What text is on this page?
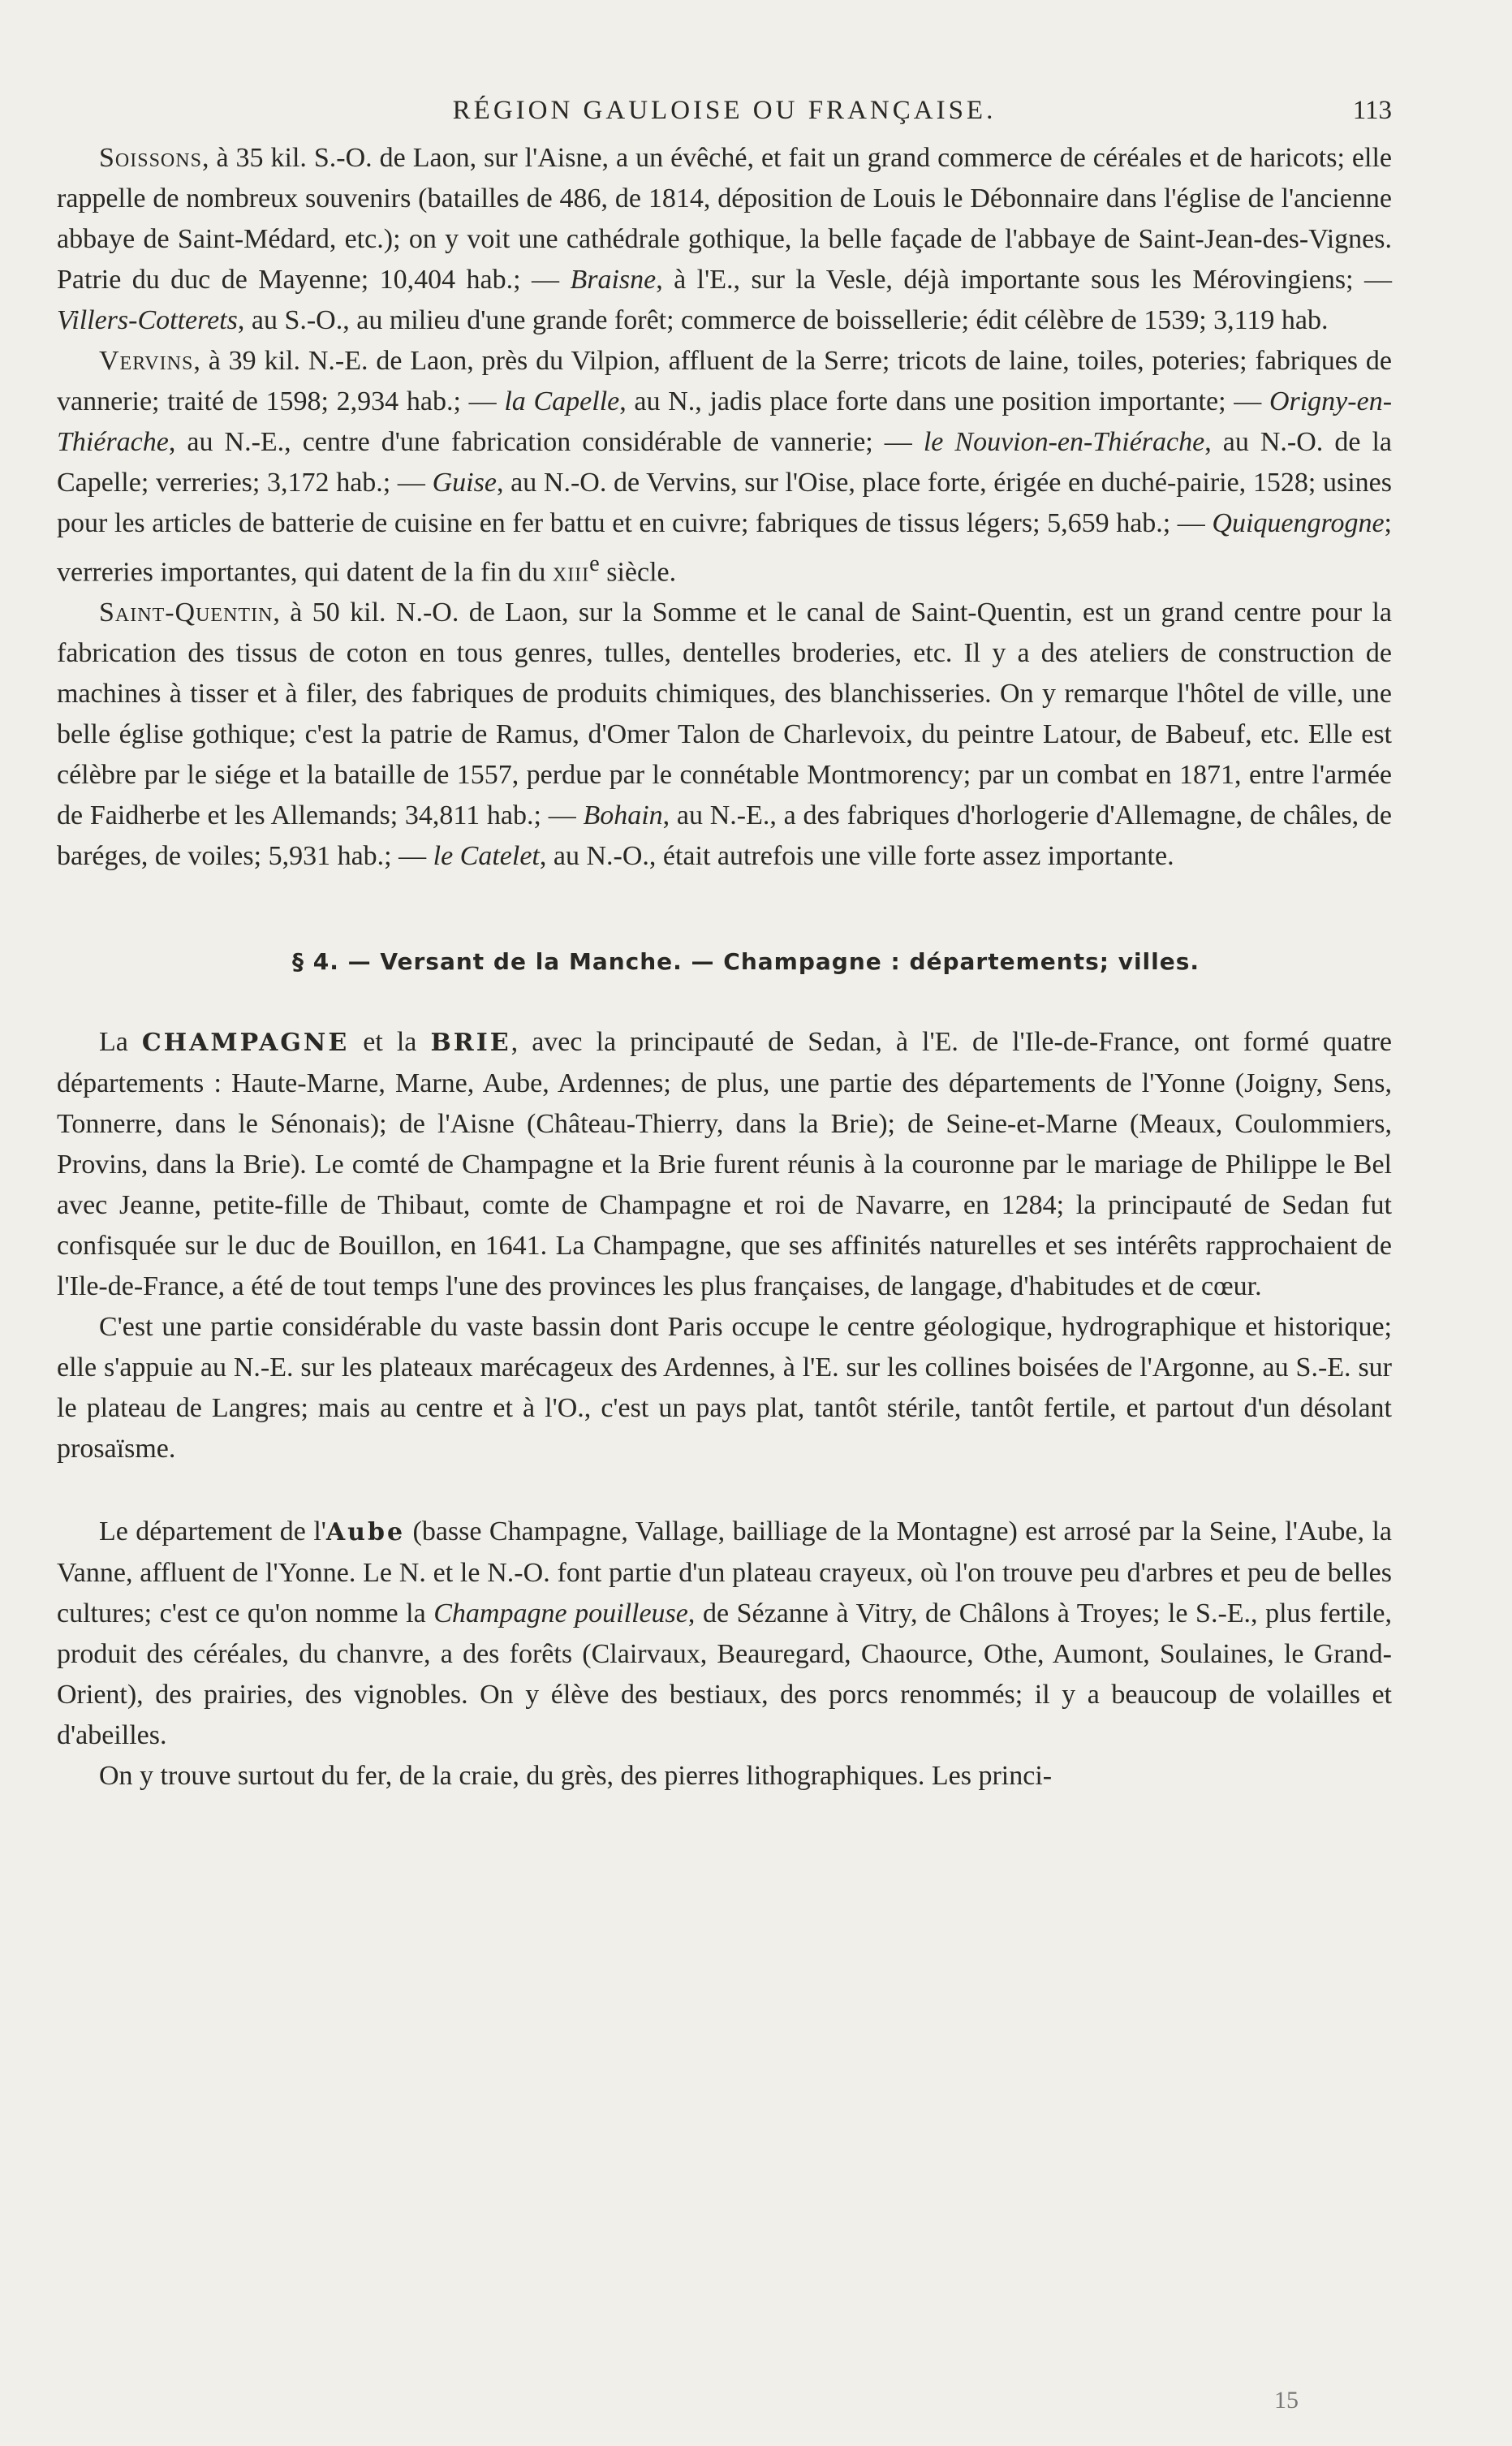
RÉGION GAULOISE OU FRANÇAISE.	113

Soissons, à 35 kil. S.-O. de Laon, sur l'Aisne, a un évêché, et fait un grand commerce de céréales et de haricots; elle rappelle de nombreux souvenirs (batailles de 486, de 1814, déposition de Louis le Débonnaire dans l'église de l'ancienne abbaye de Saint-Médard, etc.); on y voit une cathédrale gothique, la belle façade de l'abbaye de Saint-Jean-des-Vignes. Patrie du duc de Mayenne; 10,404 hab.; — Braisne, à l'E., sur la Vesle, déjà importante sous les Mérovingiens; — Villers-Cotterets, au S.-O., au milieu d'une grande forêt; commerce de boissellerie; édit célèbre de 1539; 3,119 hab.

Vervins, à 39 kil. N.-E. de Laon, près du Vilpion, affluent de la Serre; tricots de laine, toiles, poteries; fabriques de vannerie; traité de 1598; 2,934 hab.; — la Capelle, au N., jadis place forte dans une position importante; — Origny-en-Thiérache, au N.-E., centre d'une fabrication considérable de vannerie; — le Nouvion-en-Thiérache, au N.-O. de la Capelle; verreries; 3,172 hab.; — Guise, au N.-O. de Vervins, sur l'Oise, place forte, érigée en duché-pairie, 1528; usines pour les articles de batterie de cuisine en fer battu et en cuivre; fabriques de tissus légers; 5,659 hab.; — Quiquengrogne; verreries importantes, qui datent de la fin du xiii$^e$ siècle.

Saint-Quentin, à 50 kil. N.-O. de Laon, sur la Somme et le canal de Saint-Quentin, est un grand centre pour la fabrication des tissus de coton en tous genres, tulles, dentelles broderies, etc. Il y a des ateliers de construction de machines à tisser et à filer, des fabriques de produits chimiques, des blanchisseries. On y remarque l'hôtel de ville, une belle église gothique; c'est la patrie de Ramus, d'Omer Talon de Charlevoix, du peintre Latour, de Babeuf, etc. Elle est célèbre par le siége et la bataille de 1557, perdue par le connétable Montmorency; par un combat en 1871, entre l'armée de Faidherbe et les Allemands; 34,811 hab.; — Bohain, au N.-E., a des fabriques d'horlogerie d'Allemagne, de châles, de baréges, de voiles; 5,931 hab.; — le Catelet, au N.-O., était autrefois une ville forte assez importante.

§ 4. — Versant de la Manche. — Champagne : départements; villes.

La CHAMPAGNE et la BRIE, avec la principauté de Sedan, à l'E. de l'Ile-de-France, ont formé quatre départements : Haute-Marne, Marne, Aube, Ardennes; de plus, une partie des départements de l'Yonne (Joigny, Sens, Tonnerre, dans le Sénonais); de l'Aisne (Château-Thierry, dans la Brie); de Seine-et-Marne (Meaux, Coulommiers, Provins, dans la Brie). Le comté de Champagne et la Brie furent réunis à la couronne par le mariage de Philippe le Bel avec Jeanne, petite-fille de Thibaut, comte de Champagne et roi de Navarre, en 1284; la principauté de Sedan fut confisquée sur le duc de Bouillon, en 1641. La Champagne, que ses affinités naturelles et ses intérêts rapprochaient de l'Ile-de-France, a été de tout temps l'une des provinces les plus françaises, de langage, d'habitudes et de cœur.

C'est une partie considérable du vaste bassin dont Paris occupe le centre géologique, hydrographique et historique; elle s'appuie au N.-E. sur les plateaux marécageux des Ardennes, à l'E. sur les collines boisées de l'Argonne, au S.-E. sur le plateau de Langres; mais au centre et à l'O., c'est un pays plat, tantôt stérile, tantôt fertile, et partout d'un désolant prosaïsme.

Le département de l'Aube (basse Champagne, Vallage, bailliage de la Montagne) est arrosé par la Seine, l'Aube, la Vanne, affluent de l'Yonne. Le N. et le N.-O. font partie d'un plateau crayeux, où l'on trouve peu d'arbres et peu de belles cultures; c'est ce qu'on nomme la Champagne pouilleuse, de Sézanne à Vitry, de Châlons à Troyes; le S.-E., plus fertile, produit des céréales, du chanvre, a des forêts (Clairvaux, Beauregard, Chaource, Othe, Aumont, Soulaines, le Grand-Orient), des prairies, des vignobles. On y élève des bestiaux, des porcs renommés; il y a beaucoup de volailles et d'abeilles.

On y trouve surtout du fer, de la craie, du grès, des pierres lithographiques. Les princi-

15
